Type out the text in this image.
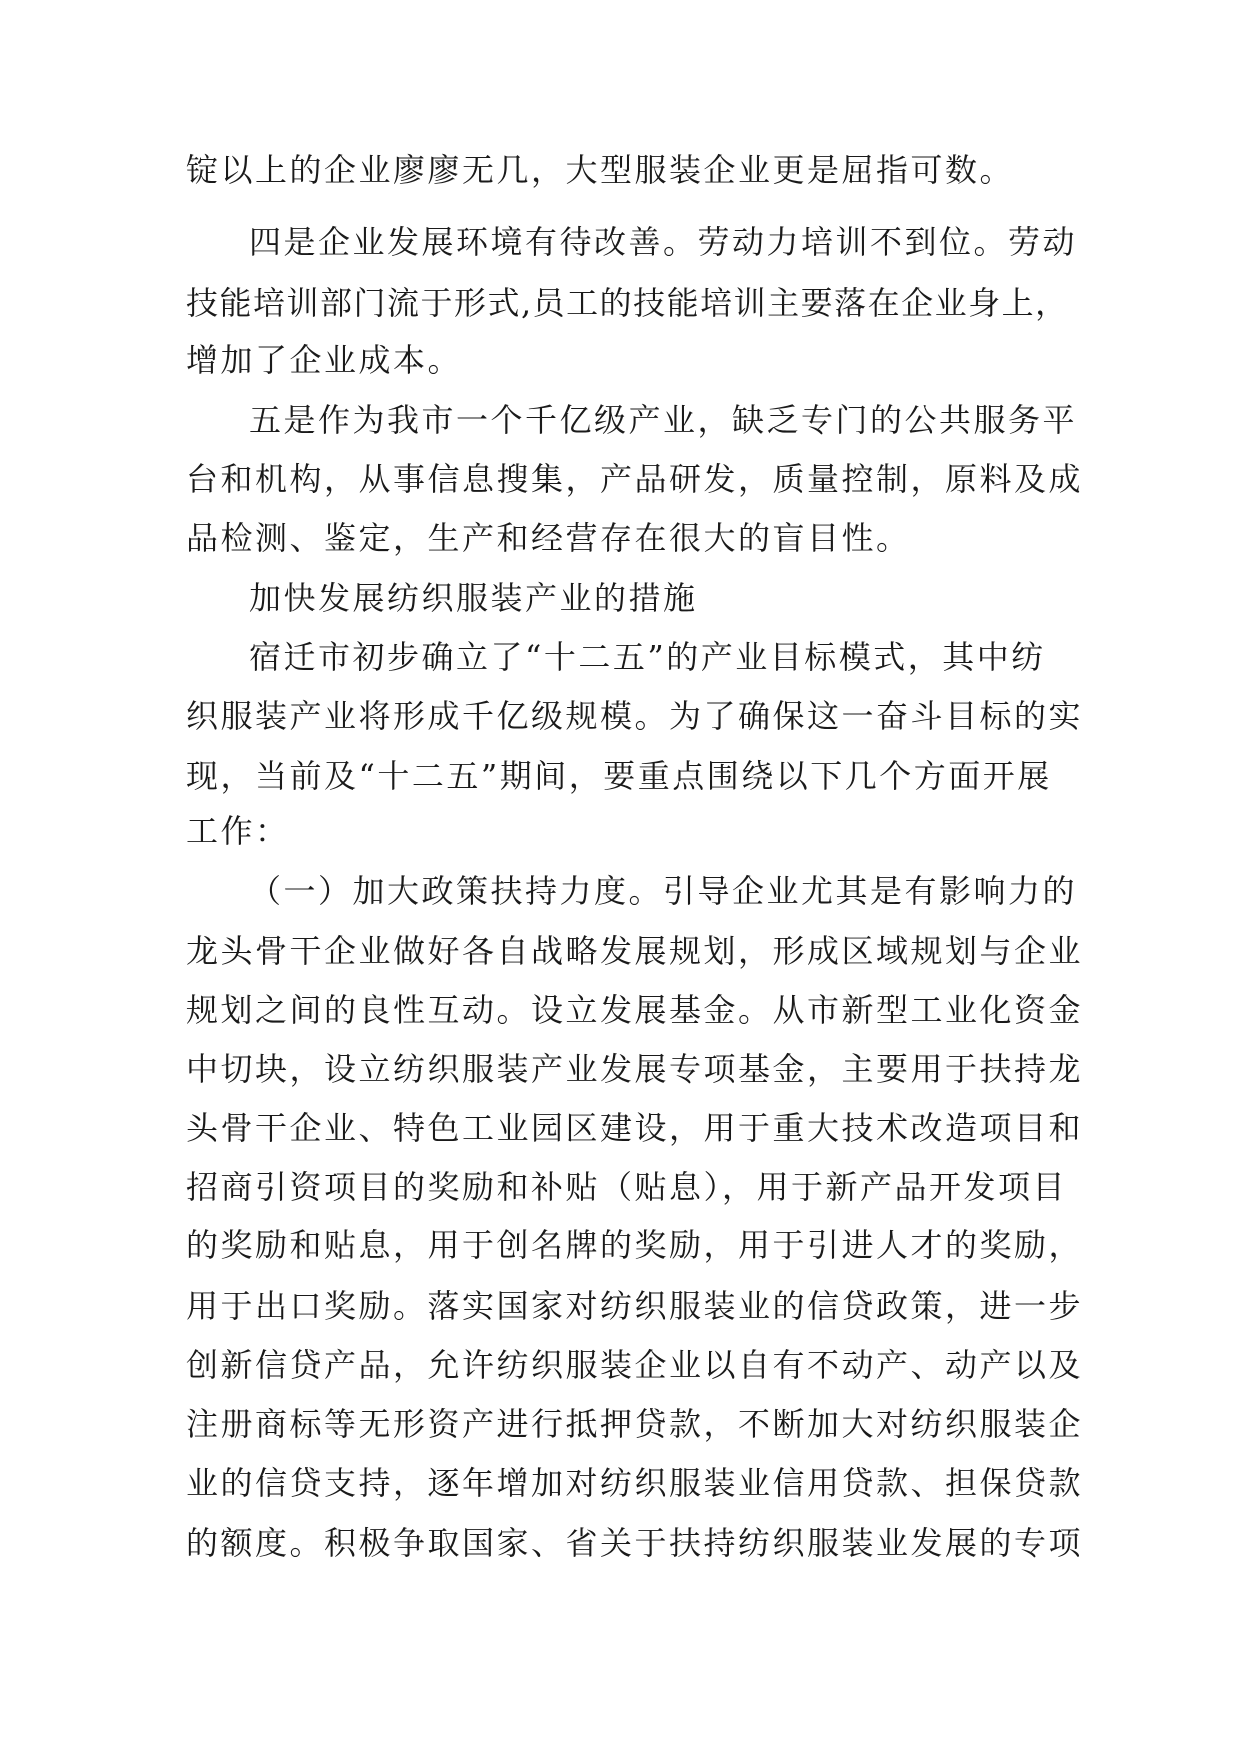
锭以上的企业廖廖无几，大型服装企业更是屈指可数。
四是企业发展环境有待改善。劳动力培训不到位。劳动
技能培训部门流于形式,员工的技能培训主要落在企业身上，
增加了企业成本。
五是作为我市一个千亿级产业，缺乏专门的公共服务平
台和机构，从事信息搜集，产品研发，质量控制，原料及成
品检测、鉴定，生产和经营存在很大的盲目性。
加快发展纺织服装产业的措施
宿迁市初步确立了“十二五”的产业目标模式，其中纺
织服装产业将形成千亿级规模。为了确保这一奋斗目标的实
现，当前及“十二五”期间，要重点围绕以下几个方面开展
工作：
（一）加大政策扶持力度。引导企业尤其是有影响力的
龙头骨干企业做好各自战略发展规划，形成区域规划与企业
规划之间的良性互动。设立发展基金。从市新型工业化资金
中切块，设立纺织服装产业发展专项基金，主要用于扶持龙
头骨干企业、特色工业园区建设，用于重大技术改造项目和
招商引资项目的奖励和补贴（贴息），用于新产品开发项目
的奖励和贴息，用于创名牌的奖励，用于引进人才的奖励，
用于出口奖励。落实国家对纺织服装业的信贷政策，进一步
创新信贷产品，允许纺织服装企业以自有不动产、动产以及
注册商标等无形资产进行抵押贷款，不断加大对纺织服装企
业的信贷支持，逐年增加对纺织服装业信用贷款、担保贷款
的额度。积极争取国家、省关于扶持纺织服装业发展的专项
